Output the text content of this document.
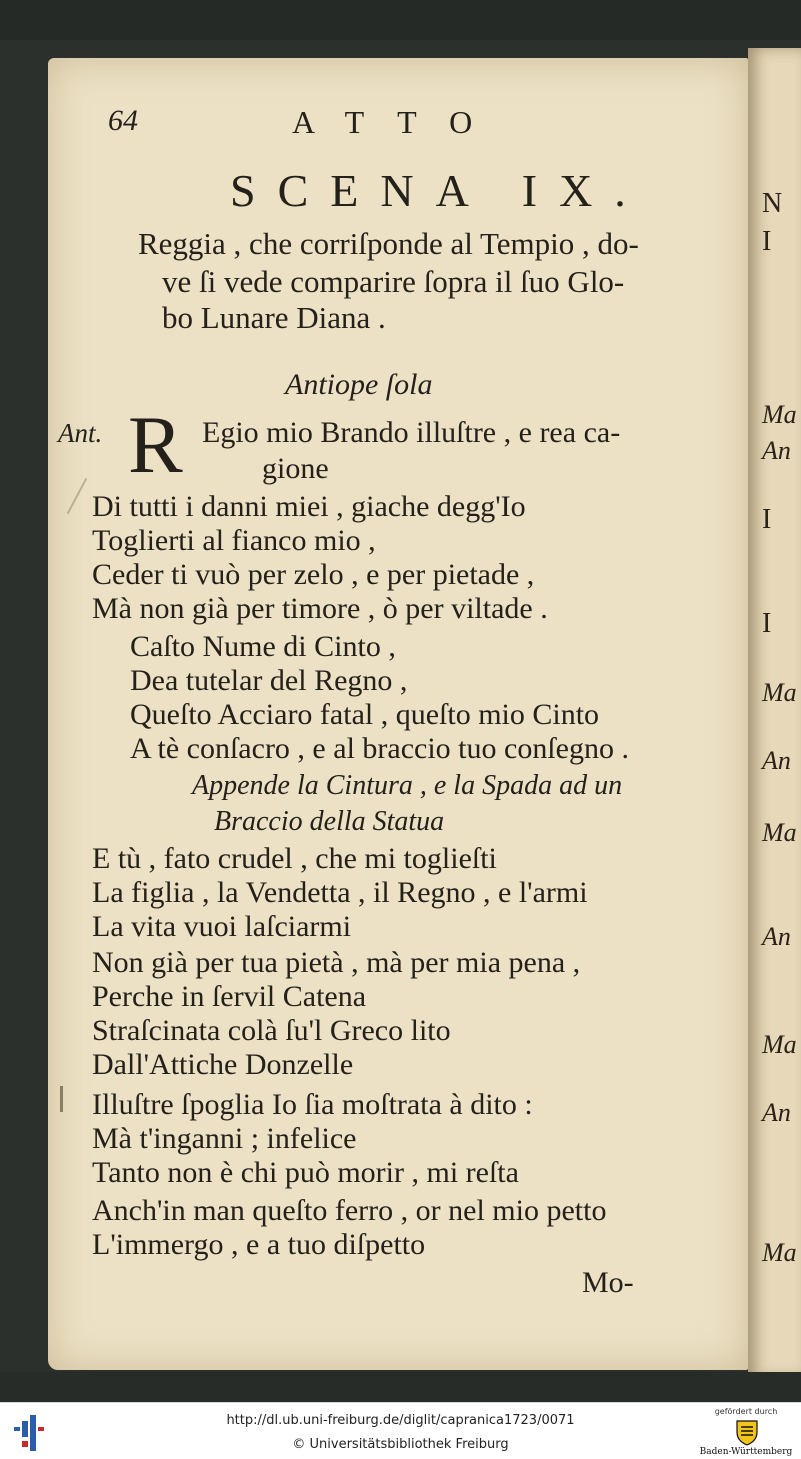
N
I
Ma
An
I
I
Ma
An
Ma
An
Ma
An
Ma
64	ATTO
SCENA IX.
Reggia , che corriſponde al Tempio , do-
ve ſi vede comparire ſopra il ſuo Glo-
bo Lunare Diana .
Antiope ſola
Ant. R Egio mio Brando illuſtre , e rea ca-
gione
Di tutti i danni miei , giache degg'Io
Toglierti al fianco mio ,
Ceder ti vuò per zelo , e per pietade ,
Mà non già per timore , ò per viltade .
Caſto Nume di Cinto ,
Dea tutelar del Regno ,
Queſto Acciaro fatal , queſto mio Cinto
A tè conſacro , e al braccio tuo conſegno .
Appende la Cintura , e la Spada ad un
Braccio della Statua
E tù , fato crudel , che mi toglieſti
La figlia , la Vendetta , il Regno , e l'armi
La vita vuoi laſciarmi
Non già per tua pietà , mà per mia pena ,
Perche in ſervil Catena
Straſcinata colà ſu'l Greco lito
Dall'Attiche Donzelle
Illuſtre ſpoglia Io ſia moſtrata à dito :
Mà t'inganni ; infelice
Tanto non è chi può morir , mi reſta
Anch'in man queſto ferro , or nel mio petto
L'immergo , e a tuo diſpetto
Mo-
http://dl.ub.uni-freiburg.de/diglit/capranica1723/0071
© Universitätsbibliothek Freiburg
gefördert durch
Baden-Württemberg
